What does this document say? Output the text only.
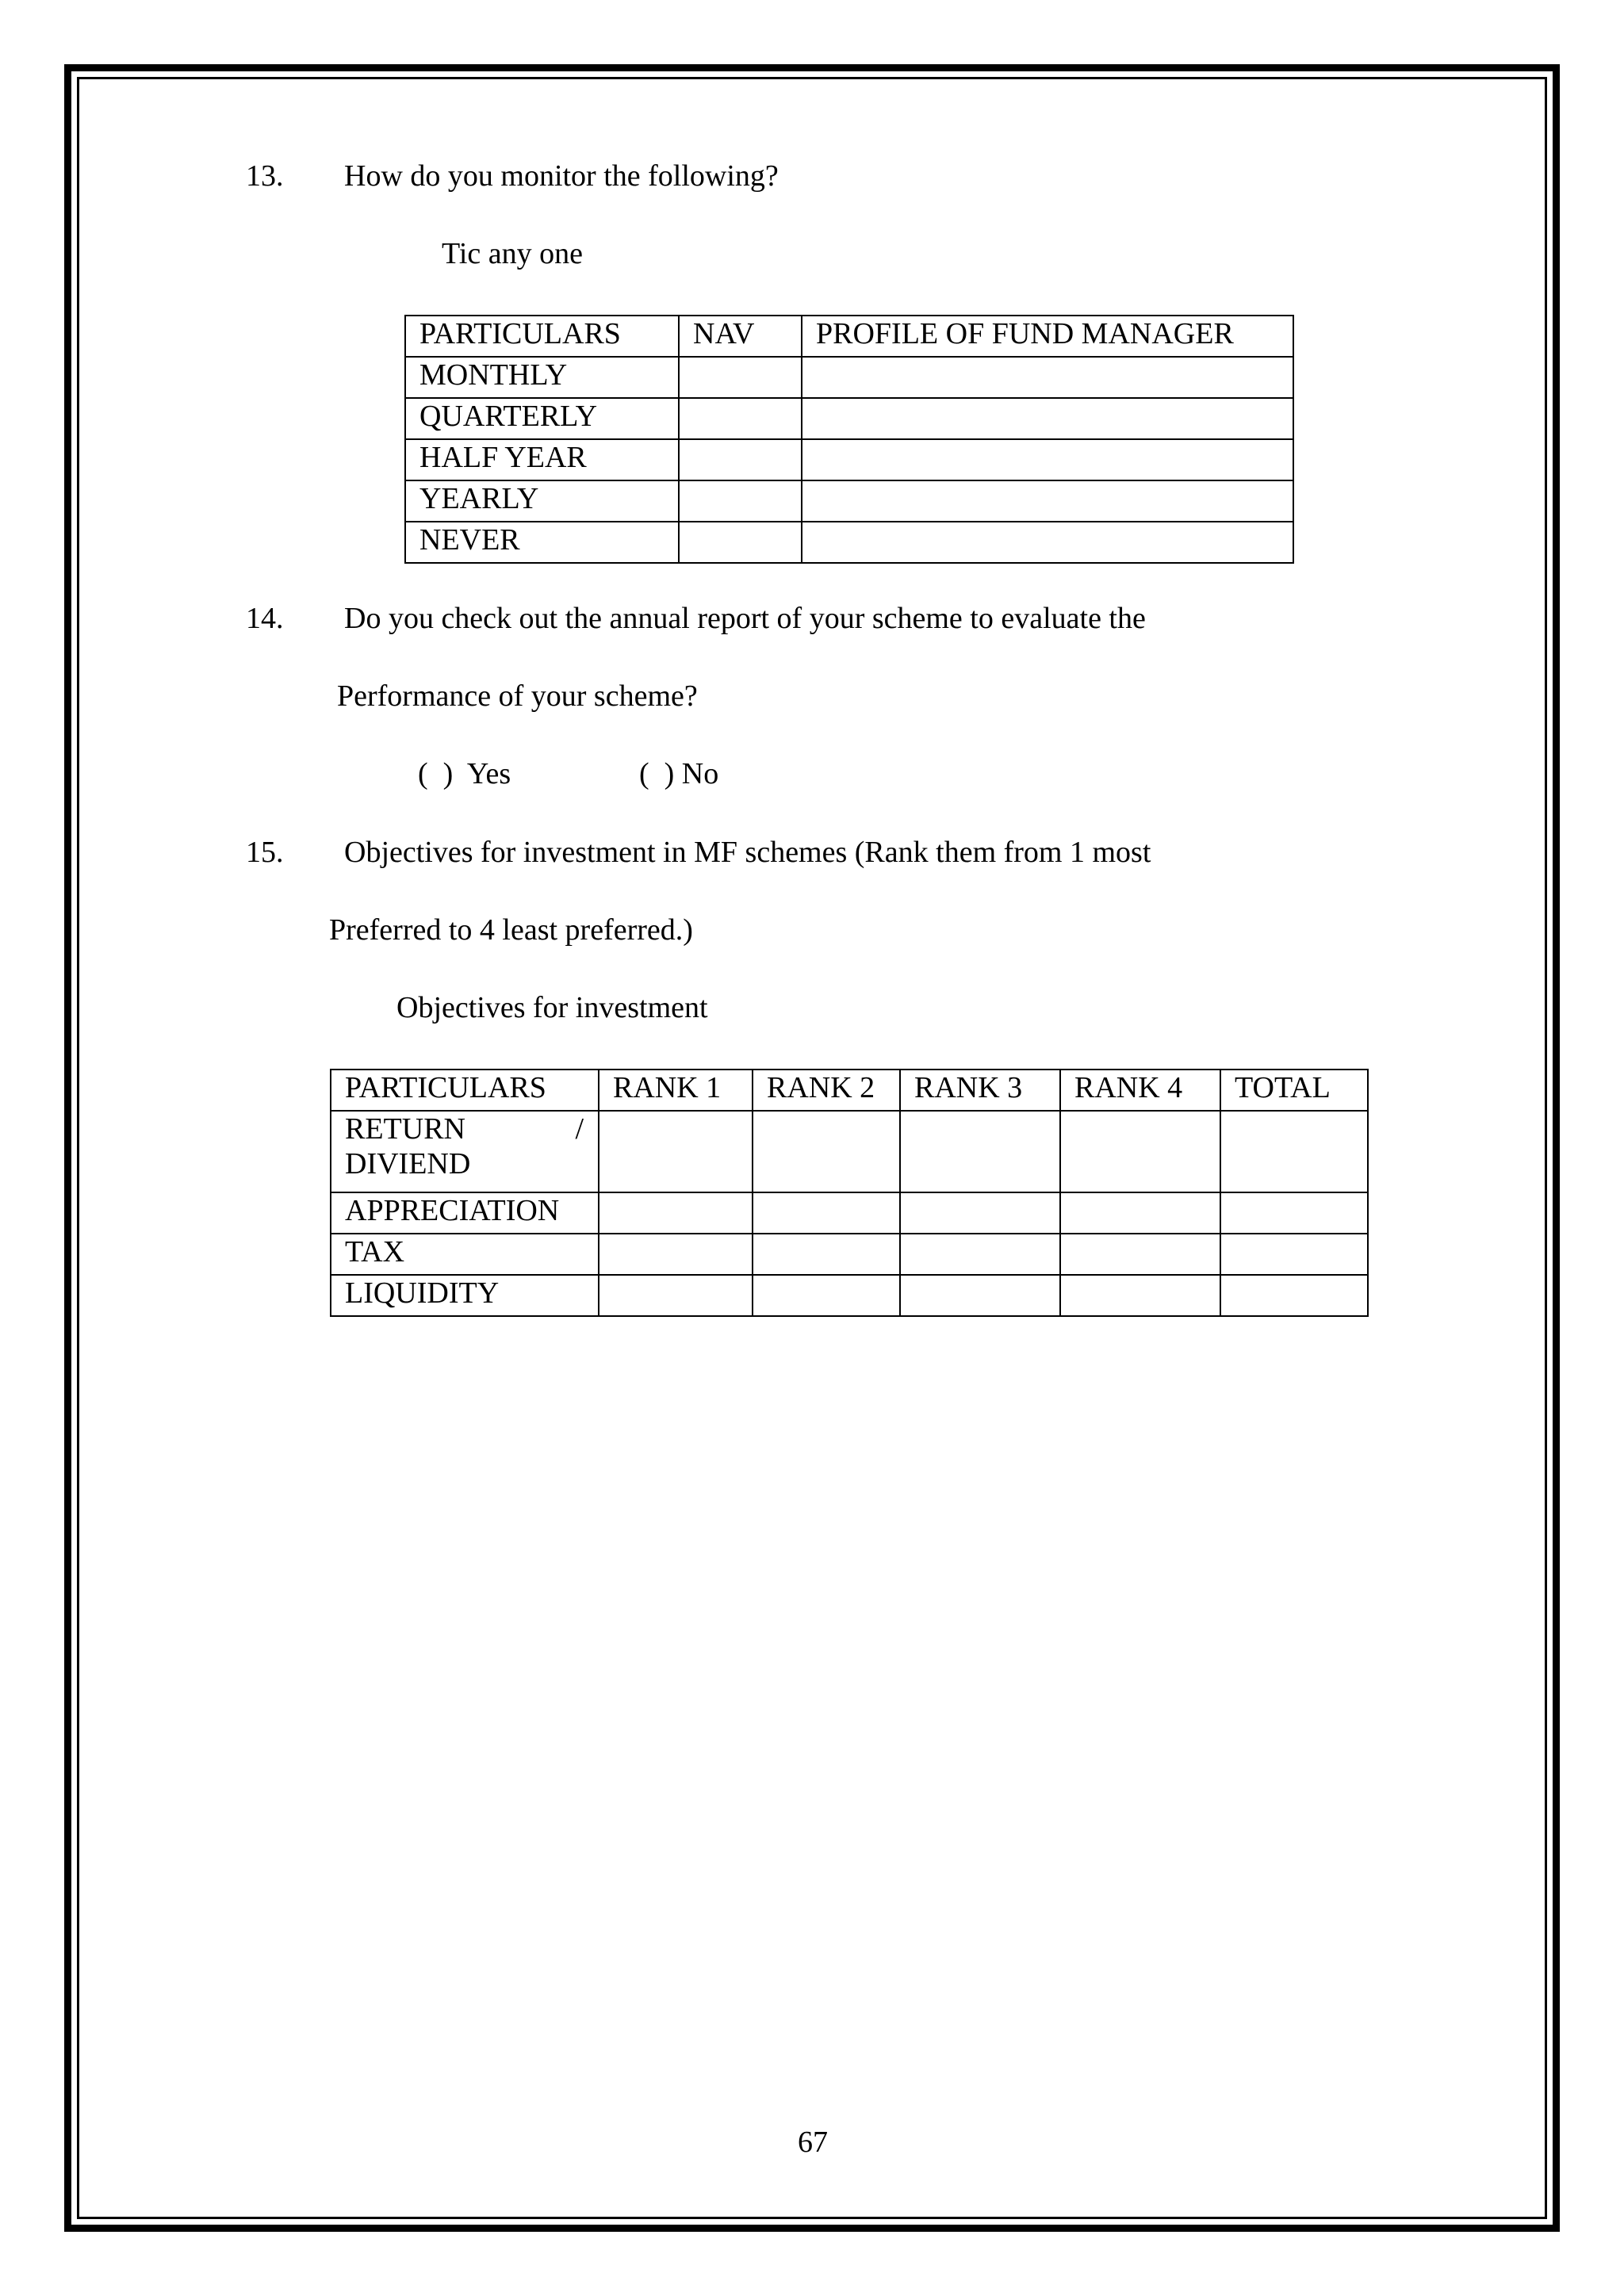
13. How do you monitor the following?
Tic any one
PARTICULARS	NAV	PROFILE OF FUND MANAGER
MONTHLY		
QUARTERLY		
HALF YEAR		
YEARLY		
NEVER		
14. Do you check out the annual report of your scheme to evaluate the
Performance of your scheme?
(  )  Yes	(  ) No
15. Objectives for investment in MF schemes (Rank them from 1 most
Preferred to 4 least preferred.)
Objectives for investment
PARTICULARS	RANK 1	RANK 2	RANK 3	RANK 4	TOTAL

RETURN /
DIVIEND					

APPRECIATION					
TAX					
LIQUIDITY					
67
